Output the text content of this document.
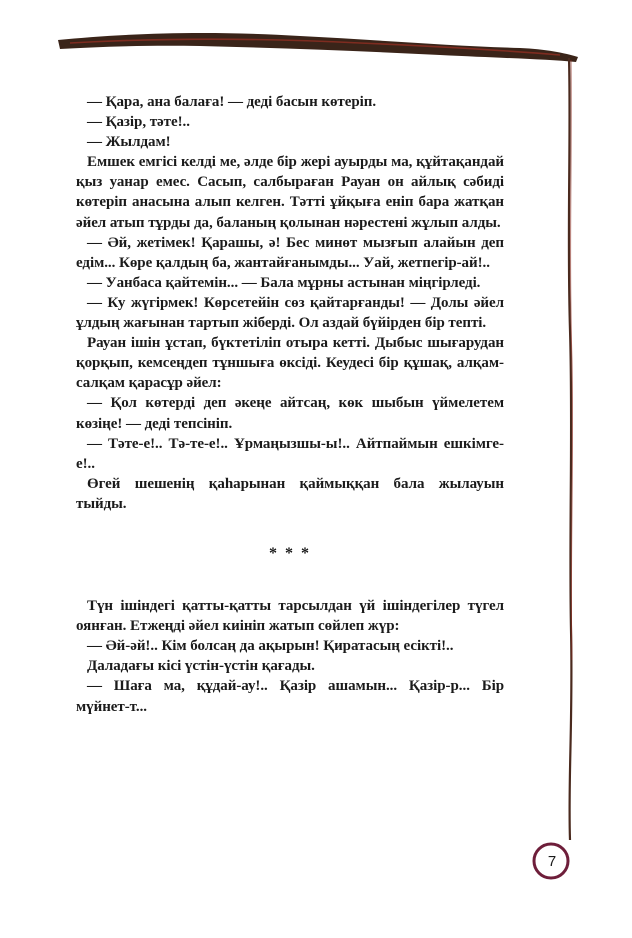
— Қара, ана балаға! — деді басын көтеріп.

— Қазір, тәте!..

— Жылдам!

Емшек емгісі келді ме, әлде бір жері ауырды ма, құйтақандай қыз уанар емес. Сасып, салбыраған Рауан он айлық сәбиді көтеріп анасына алып келген. Тәтті ұйқыға еніп бара жатқан әйел атып тұрды да, баланың қолынан нәрестені жұлып алды.

— Әй, жетімек! Қарашы, ә! Бес минөт мызғып алайын деп едім... Көре қалдың ба, жантайғанымды... Уай, жетпегір-ай!..

— Уанбаса қайтемін... — Бала мұрны астынан міңгірледі.

— Ку жүгірмек! Көрсетейін сөз қайтарғанды! — Долы әйел ұлдың жағынан тартып жіберді. Ол аздай бүйірден бір тепті.

Рауан ішін ұстап, бүктетіліп отыра кетті. Дыбыс шығарудан қорқып, кемсеңдеп тұншыға өксіді. Кеудесі бір құшақ, алқам-салқам қарасұр әйел:

— Қол көтерді деп әкеңе айтсаң, көк шыбын үймелетем көзіңе! — деді тепсініп.

— Тәте-е!.. Тә-те-е!.. Ұрмаңызшы-ы!.. Айтпаймын ешкімге-е!..

Өгей шешенің қаһарынан қаймыққан бала жылауын тыйды.

* * *

Түн ішіндегі қатты-қатты тарсылдан үй ішіндегілер түгел оянған. Етжеңді әйел киініп жатып сөйлеп жүр:

— Әй-әй!.. Кім болсаң да ақырын! Қиратасың есікті!..

Даладағы кісі үстін-үстін қағады.

— Шаға ма, құдай-ау!.. Қазір ашамын... Қазір-р... Бір мүйнет-т...

7
